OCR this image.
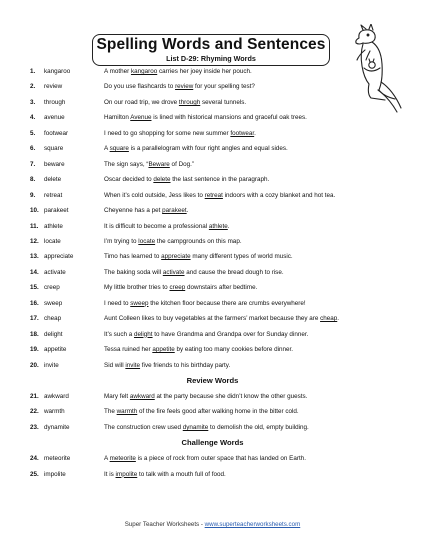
Spelling Words and Sentences
List D-29: Rhyming Words
1. kangaroo	A mother kangaroo carries her joey inside her pouch.
2. review	Do you use flashcards to review for your spelling test?
3. through	On our road trip, we drove through several tunnels.
4. avenue	Hamilton Avenue is lined with historical mansions and graceful oak trees.
5. footwear	I need to go shopping for some new summer footwear.
6. square	A square is a parallelogram with four right angles and equal sides.
7. beware	The sign says, “Beware of Dog.”
8. delete	Oscar decided to delete the last sentence in the paragraph.
9. retreat	When it’s cold outside, Jess likes to retreat indoors with a cozy blanket and hot tea.
10. parakeet	Cheyenne has a pet parakeet.
11. athlete	It is difficult to become a professional athlete.
12. locate	I’m trying to locate the campgrounds on this map.
13. appreciate	Timo has learned to appreciate many different types of world music.
14. activate	The baking soda will activate and cause the bread dough to rise.
15. creep	My little brother tries to creep downstairs after bedtime.
16. sweep	I need to sweep the kitchen floor because there are crumbs everywhere!
17. cheap	Aunt Colleen likes to buy vegetables at the farmers’ market because they are cheap.
18. delight	It’s such a delight to have Grandma and Grandpa over for Sunday dinner.
19. appetite	Tessa ruined her appetite by eating too many cookies before dinner.
20. invite	Sid will invite five friends to his birthday party.
Review Words
21. awkward	Mary felt awkward at the party because she didn’t know the other guests.
22. warmth	The warmth of the fire feels good after walking home in the bitter cold.
23. dynamite	The construction crew used dynamite to demolish the old, empty building.
Challenge Words
24. meteorite	A meteorite is a piece of rock from outer space that has landed on Earth.
25. impolite	It is impolite to talk with a mouth full of food.
Super Teacher Worksheets - www.superteacherworksheets.com
